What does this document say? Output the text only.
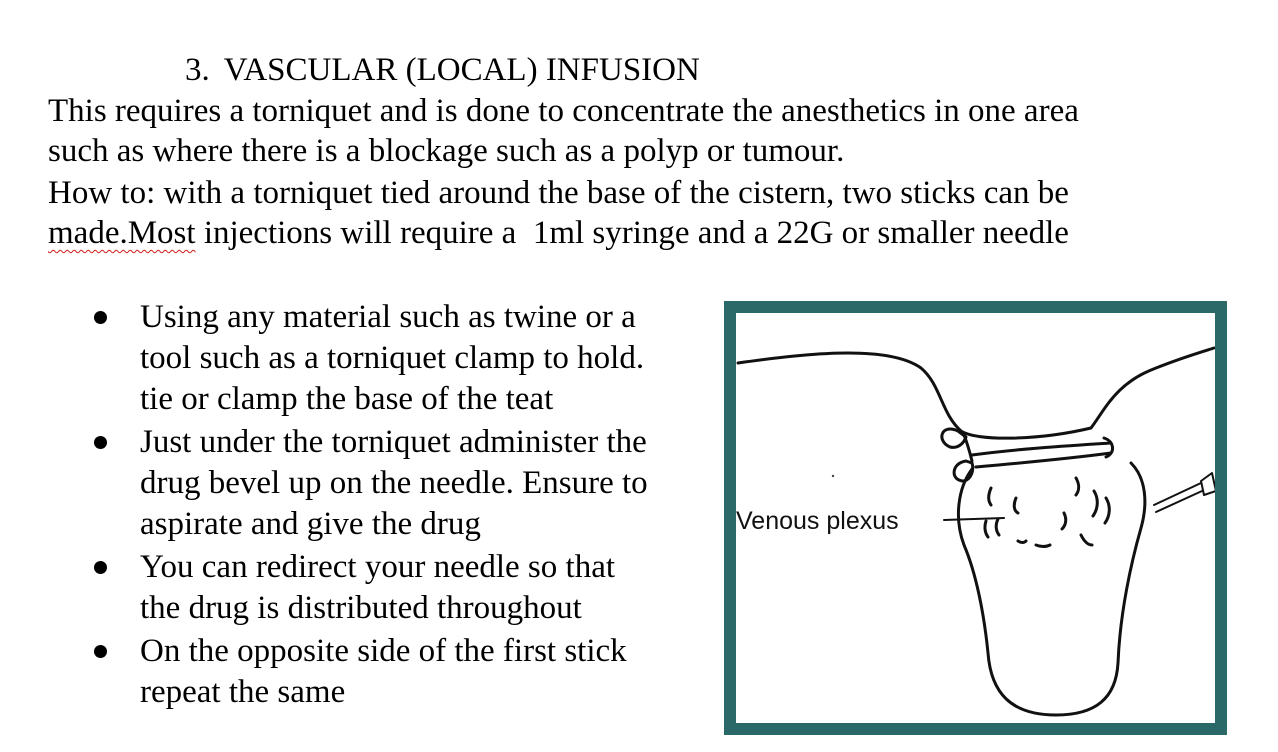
3. VASCULAR (LOCAL) INFUSION
This requires a torniquet and is done to concentrate the anesthetics in one area
such as where there is a blockage such as a polyp or tumour.
How to: with a torniquet tied around the base of the cistern, two sticks can be
made.Most injections will require a  1ml syringe and a 22G or smaller needle
Using any material such as twine or a
tool such as a torniquet clamp to hold.
tie or clamp the base of the teat
Just under the torniquet administer the
drug bevel up on the needle. Ensure to
aspirate and give the drug
You can redirect your needle so that
the drug is distributed throughout
On the opposite side of the first stick
repeat the same
Venous plexus
